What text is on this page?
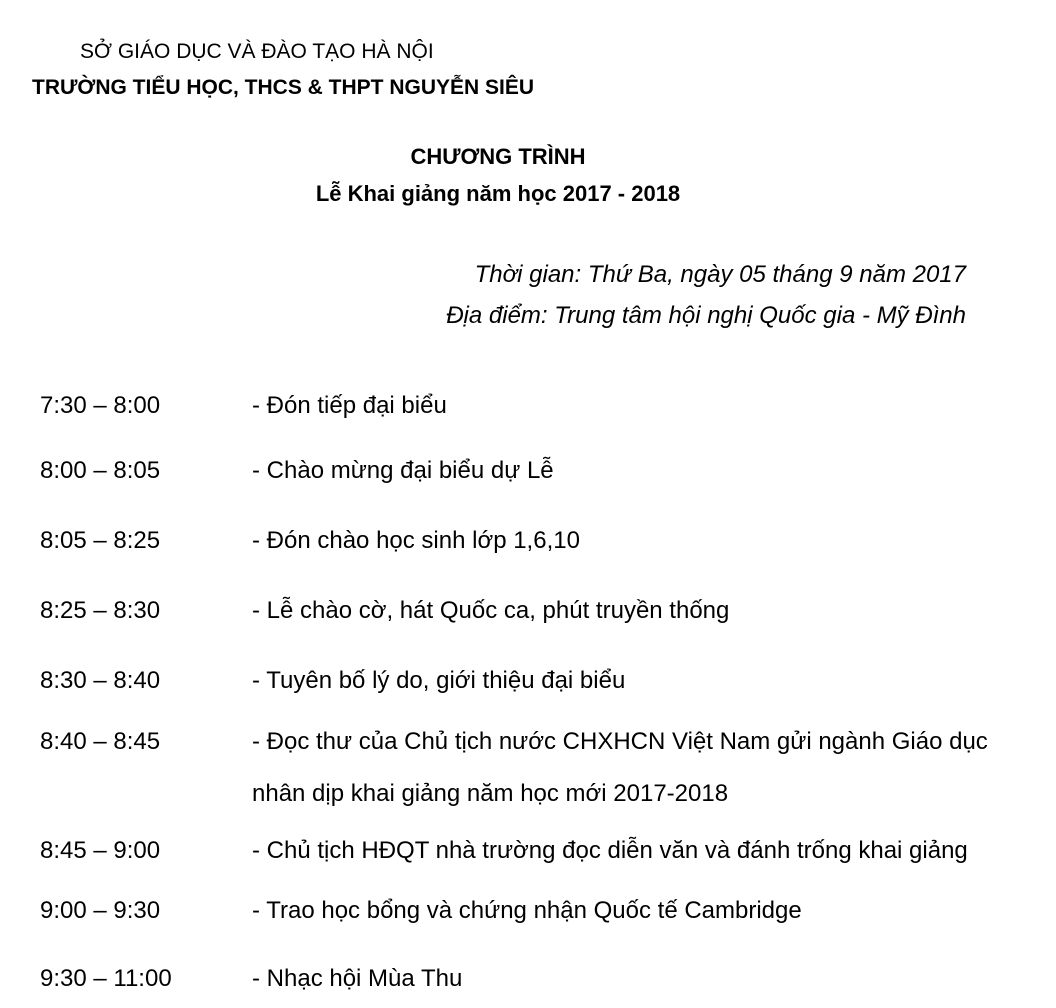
SỞ GIÁO DỤC VÀ ĐÀO TẠO HÀ NỘI
TRƯỜNG TIỂU HỌC, THCS & THPT NGUYỄN SIÊU
CHƯƠNG TRÌNH
Lễ Khai giảng năm học 2017 - 2018
Thời gian: Thứ Ba, ngày 05 tháng 9 năm 2017
Địa điểm: Trung tâm hội nghị Quốc gia - Mỹ Đình
7:30 – 8:00	- Đón tiếp đại biểu
8:00 – 8:05	- Chào mừng đại biểu dự Lễ
8:05 – 8:25	- Đón chào học sinh lớp 1,6,10
8:25 – 8:30	- Lễ chào cờ, hát Quốc ca, phút truyền thống
8:30 – 8:40	- Tuyên bố lý do, giới thiệu đại biểu
8:40 – 8:45	- Đọc thư của Chủ tịch nước CHXHCN Việt Nam gửi ngành Giáo dục nhân dịp khai giảng năm học mới 2017-2018
8:45 – 9:00	- Chủ tịch HĐQT nhà trường đọc diễn văn và đánh trống khai giảng
9:00 – 9:30	- Trao học bổng và chứng nhận Quốc tế Cambridge
9:30 – 11:00	- Nhạc hội Mùa Thu
